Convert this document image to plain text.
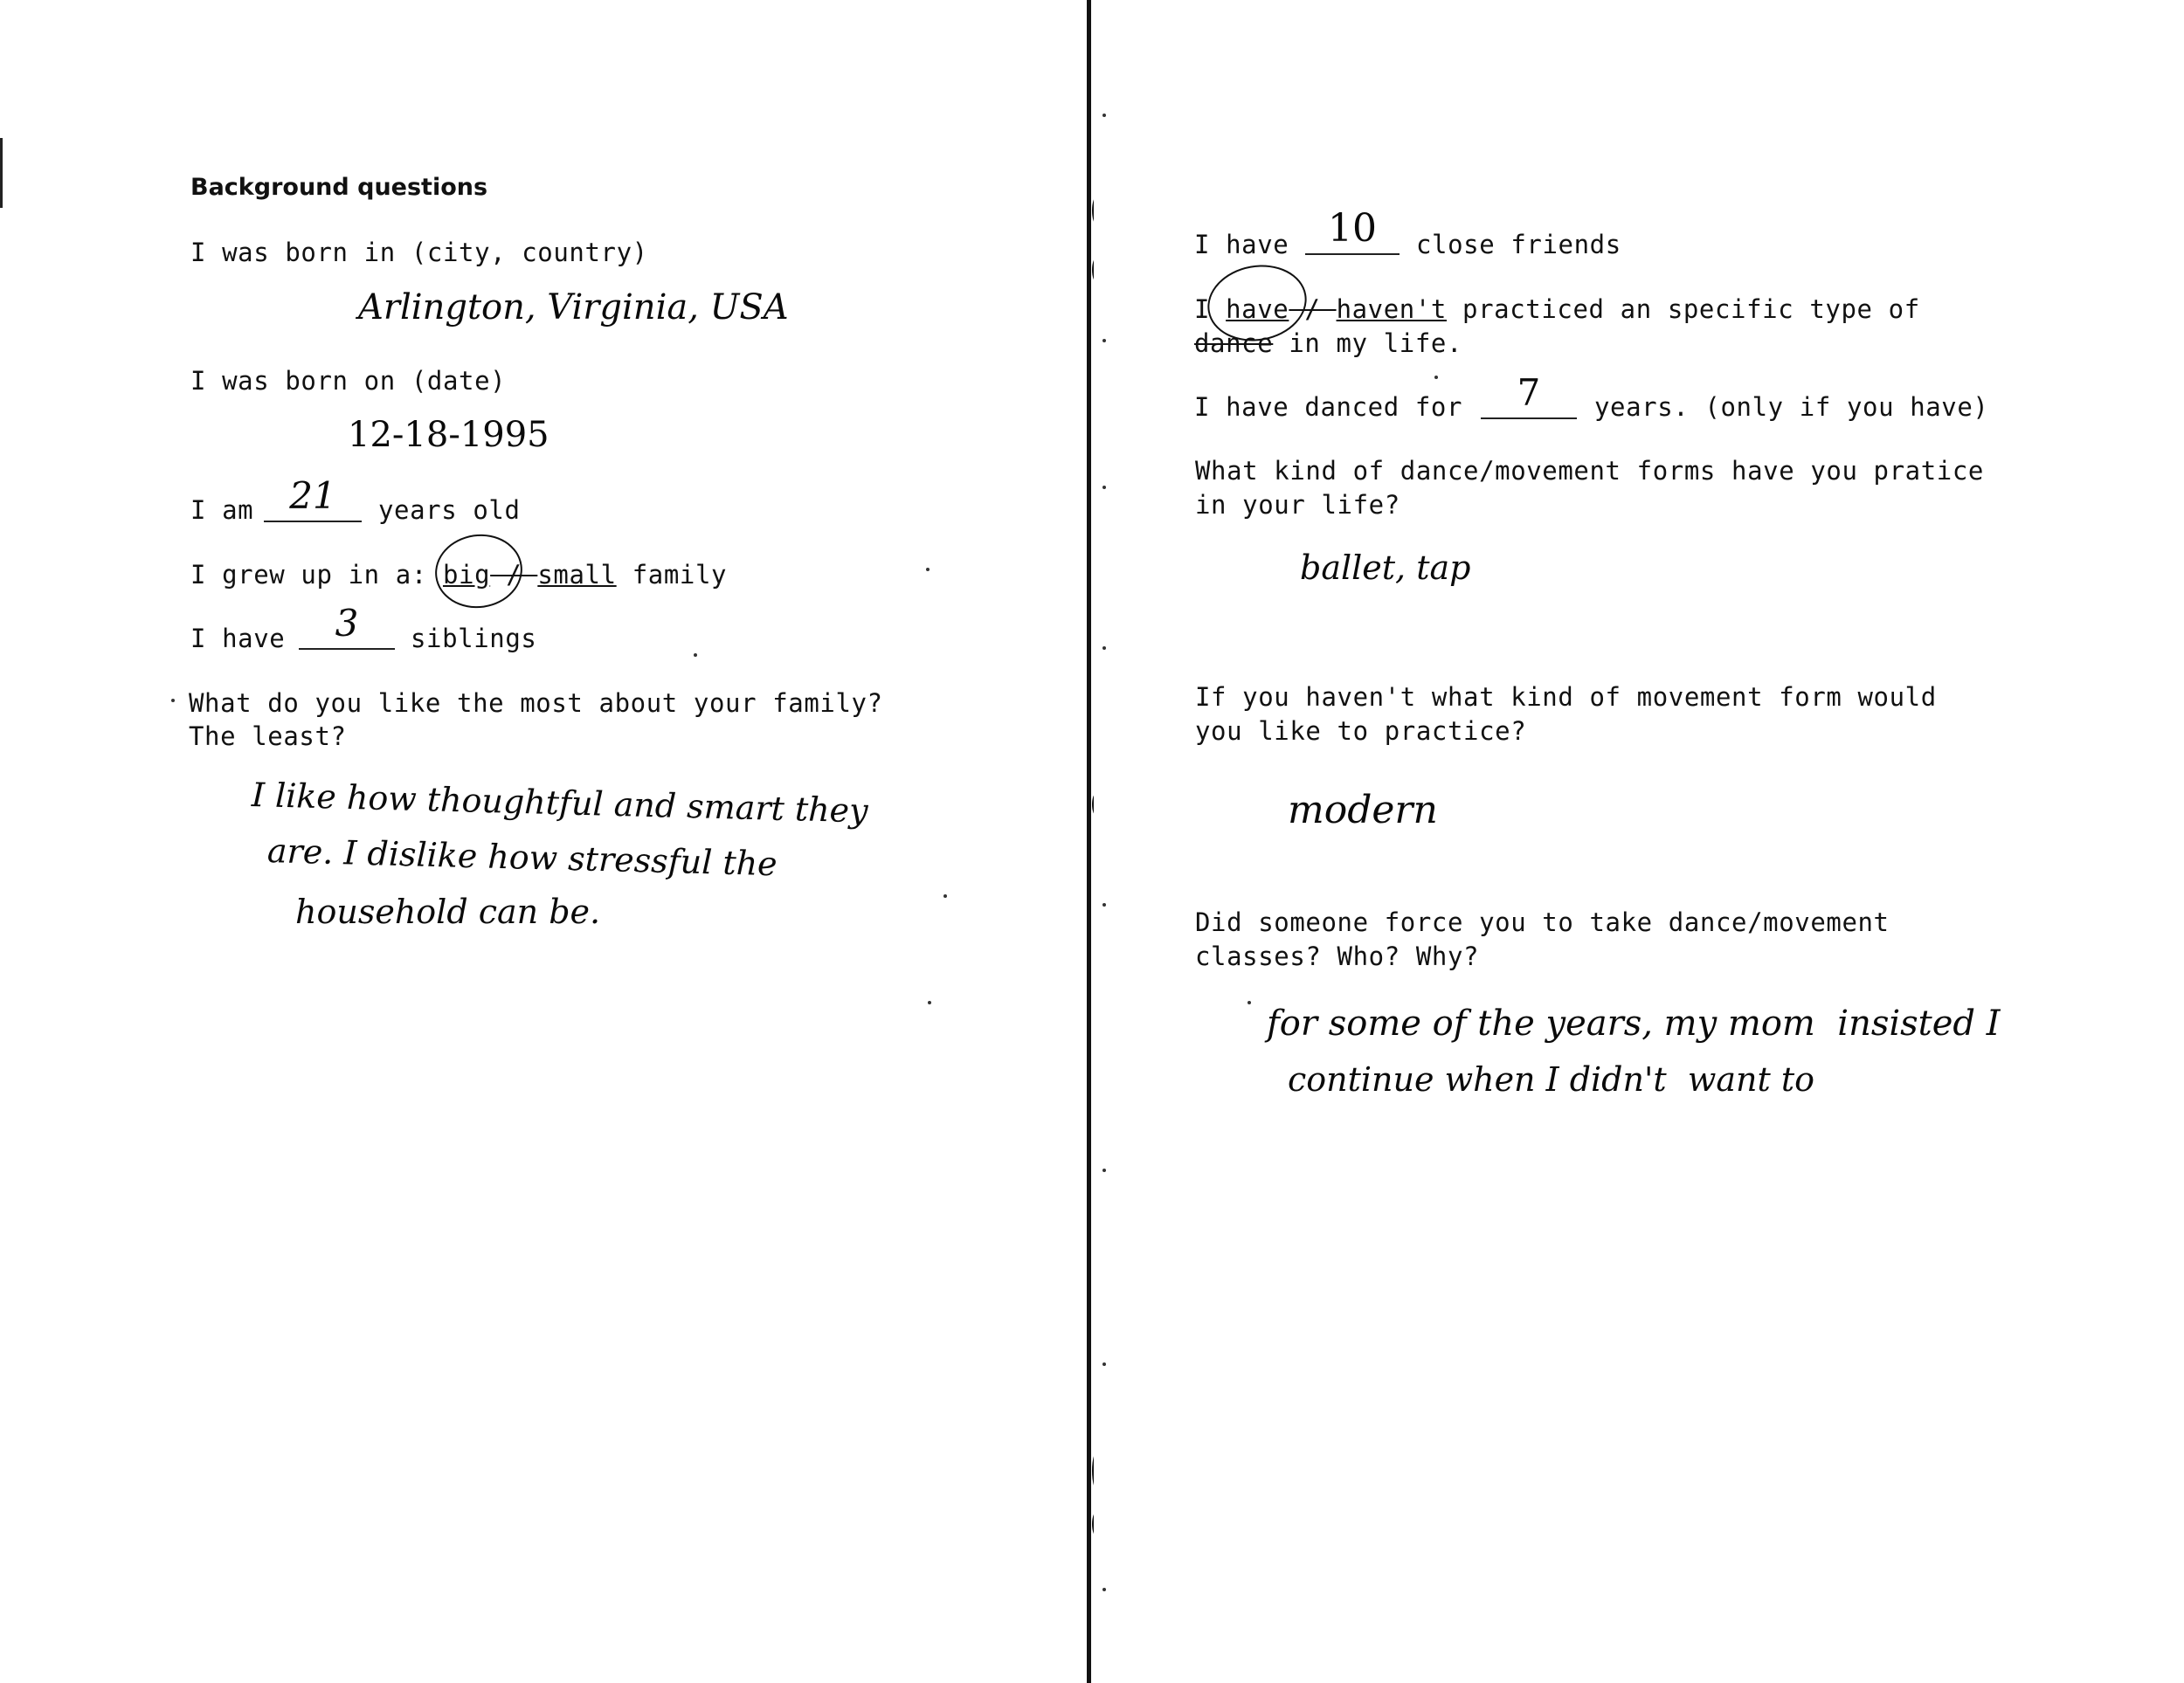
Background questions
I was born in (city, country)
Arlington, Virginia, USA
I was born on (date)
12-18-1995
I am 21	years old
I grew up in a: big / small family
I have	3	siblings
What do you like the most about your family?
The least?
I like how thoughtful and smart they
are. I dislike how stressful the
household can be.
I have	10	close friends
I have / haven't practiced an specific type of
dance in my life.
I have danced for	7	years. (only if you have)
What kind of dance/movement forms have you pratice
in your life?
ballet, tap
If you haven't what kind of movement form would
you like to practice?
modern
Did someone force you to take dance/movement
classes? Who? Why?
for some of the years, my mom  insisted I
continue when I didn't  want to
